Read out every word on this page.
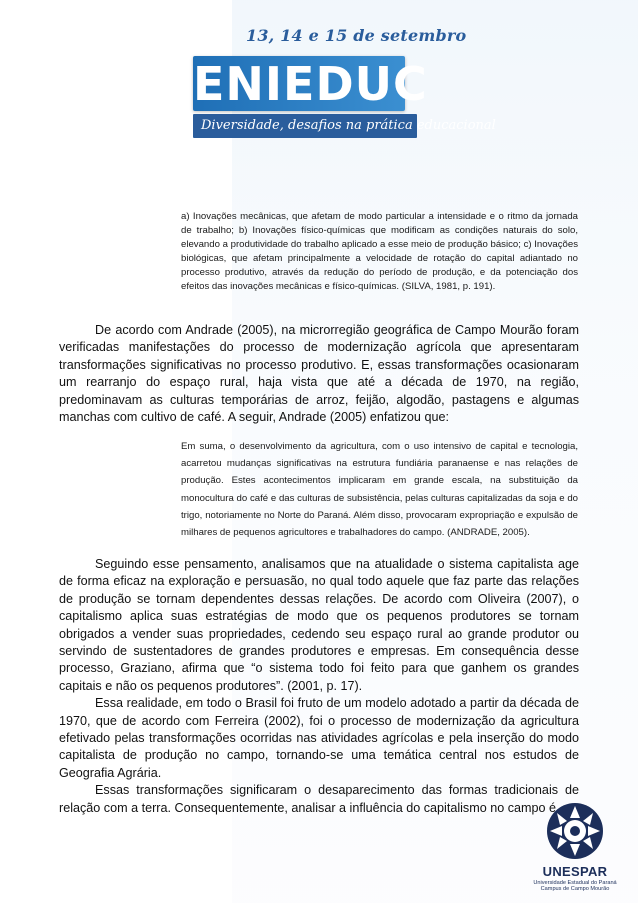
13, 14 e 15 de setembro
ENIEDUC
Diversidade, desafios na prática educacional
a) Inovações mecânicas, que afetam de modo particular a intensidade e o ritmo da jornada de trabalho; b) Inovações físico-químicas que modificam as condições naturais do solo, elevando a produtividade do trabalho aplicado a esse meio de produção básico; c) Inovações biológicas, que afetam principalmente a velocidade de rotação do capital adiantado no processo produtivo, através da redução do período de produção, e da potenciação dos efeitos das inovações mecânicas e físico-químicas. (SILVA, 1981, p. 191).
De acordo com Andrade (2005), na microrregião geográfica de Campo Mourão foram verificadas manifestações do processo de modernização agrícola que apresentaram transformações significativas no processo produtivo. E, essas transformações ocasionaram um rearranjo do espaço rural, haja vista que até a década de 1970, na região, predominavam as culturas temporárias de arroz, feijão, algodão, pastagens e algumas manchas com cultivo de café. A seguir, Andrade (2005) enfatizou que:
Em suma, o desenvolvimento da agricultura, com o uso intensivo de capital e tecnologia, acarretou mudanças significativas na estrutura fundiária paranaense e nas relações de produção. Estes acontecimentos implicaram em grande escala, na substituição da monocultura do café e das culturas de subsistência, pelas culturas capitalizadas da soja e do trigo, notoriamente no Norte do Paraná. Além disso, provocaram expropriação e expulsão de milhares de pequenos agricultores e trabalhadores do campo. (ANDRADE, 2005).
Seguindo esse pensamento, analisamos que na atualidade o sistema capitalista age de forma eficaz na exploração e persuasão, no qual todo aquele que faz parte das relações de produção se tornam dependentes dessas relações. De acordo com Oliveira (2007), o capitalismo aplica suas estratégias de modo que os pequenos produtores se tornam obrigados a vender suas propriedades, cedendo seu espaço rural ao grande produtor ou servindo de sustentadores de grandes produtores e empresas. Em consequência desse processo, Graziano, afirma que “o sistema todo foi feito para que ganhem os grandes capitais e não os pequenos produtores”. (2001, p. 17).
Essa realidade, em todo o Brasil foi fruto de um modelo adotado a partir da década de 1970, que de acordo com Ferreira (2002), foi o processo de modernização da agricultura efetivado pelas transformações ocorridas nas atividades agrícolas e pela inserção do modo capitalista de produção no campo, tornando-se uma temática central nos estudos de Geografia Agrária.
Essas transformações significaram o desaparecimento das formas tradicionais de relação com a terra. Consequentemente, analisar a influência do capitalismo no campo é
UNESPAR
Universidade Estadual do Paraná
Campus de Campo Mourão
